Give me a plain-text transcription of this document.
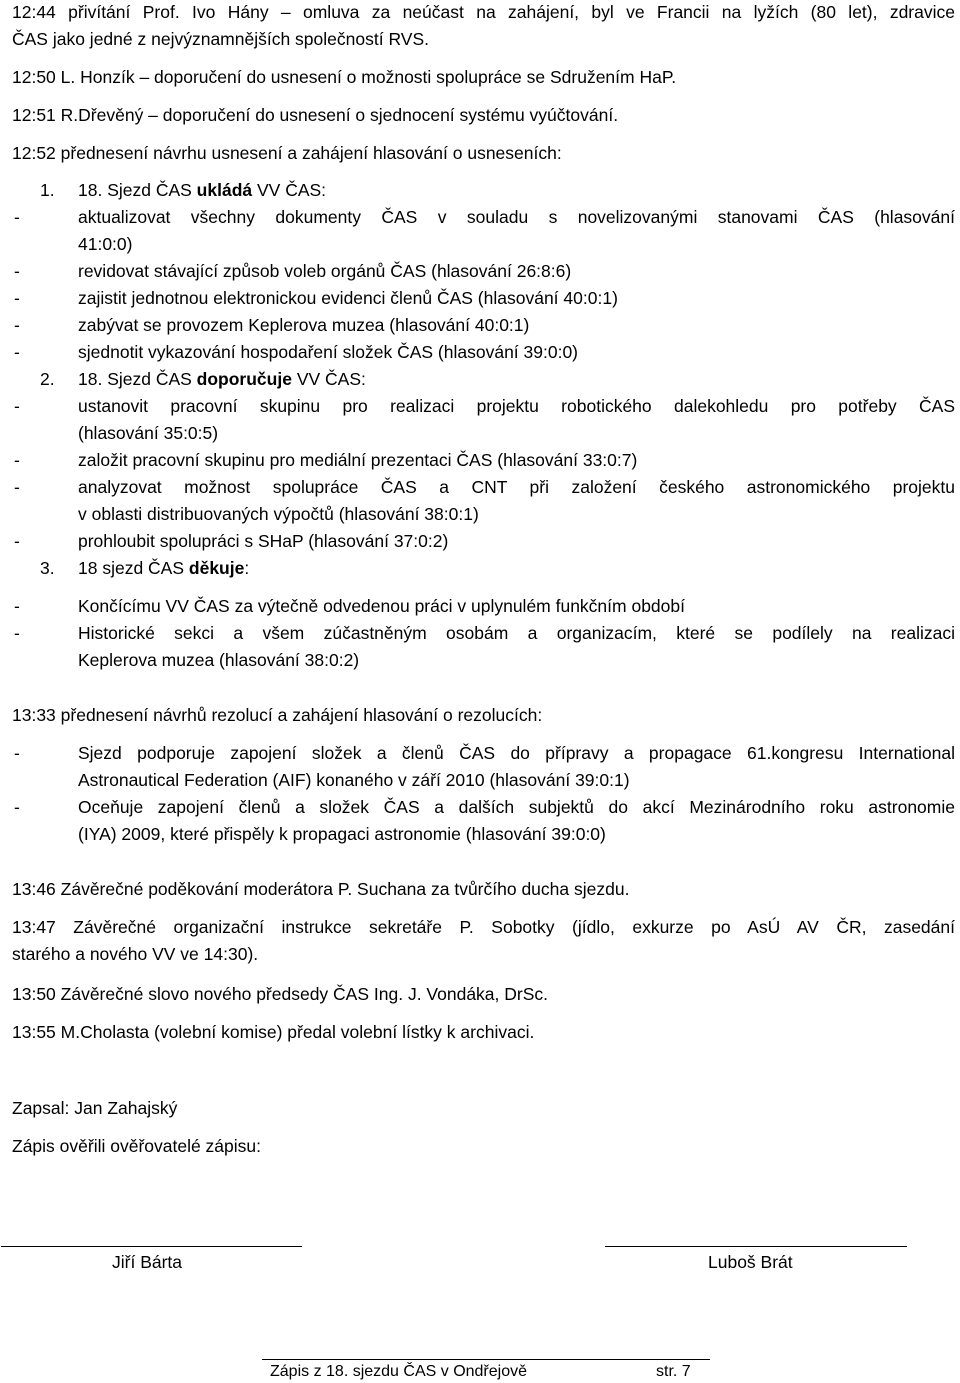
12:44 přivítání Prof. Ivo Hány – omluva za neúčast na zahájení, byl ve Francii na lyžích (80 let), zdravice
ČAS jako jedné z nejvýznamnějších společností RVS.
12:50 L. Honzík – doporučení do usnesení o možnosti spolupráce se Sdružením HaP.
12:51 R.Dřevěný – doporučení do usnesení o sjednocení systému vyúčtování.
12:52 přednesení návrhu usnesení a zahájení hlasování o usneseních:
1. 18. Sjezd ČAS ukládá VV ČAS:
-	aktualizovat všechny dokumenty ČAS v souladu s novelizovanými stanovami ČAS (hlasování
41:0:0)
-	revidovat stávající způsob voleb orgánů ČAS (hlasování 26:8:6)
-	zajistit jednotnou elektronickou evidenci členů ČAS (hlasování 40:0:1)
-	zabývat se provozem Keplerova muzea (hlasování 40:0:1)
-	sjednotit vykazování hospodaření složek ČAS (hlasování 39:0:0)
2. 18. Sjezd ČAS doporučuje VV ČAS:
-	ustanovit pracovní skupinu pro realizaci projektu robotického dalekohledu pro potřeby ČAS
(hlasování 35:0:5)
-	založit pracovní skupinu pro mediální prezentaci ČAS (hlasování 33:0:7)
-	analyzovat možnost spolupráce ČAS a CNT při založení českého astronomického projektu
v oblasti distribuovaných výpočtů (hlasování 38:0:1)
-	prohloubit spolupráci s SHaP (hlasování 37:0:2)
3. 18 sjezd ČAS děkuje:
-	Končícímu VV ČAS za výtečně odvedenou práci v uplynulém funkčním období
-	Historické sekci a všem zúčastněným osobám a organizacím, které se podílely na realizaci
Keplerova muzea (hlasování 38:0:2)
13:33 přednesení návrhů rezolucí a zahájení hlasování o rezolucích:
-	Sjezd podporuje zapojení složek a členů ČAS do přípravy a propagace 61.kongresu International
Astronautical Federation (AIF) konaného v září 2010 (hlasování 39:0:1)
-	Oceňuje zapojení členů a složek ČAS a dalších subjektů do akcí Mezinárodního roku astronomie
(IYA) 2009, které přispěly k propagaci astronomie (hlasování 39:0:0)
13:46 Závěrečné poděkování moderátora P. Suchana za tvůrčího ducha sjezdu.
13:47 Závěrečné organizační instrukce sekretáře P. Sobotky (jídlo, exkurze po AsÚ AV ČR, zasedání
starého a nového VV ve 14:30).
13:50 Závěrečné slovo nového předsedy ČAS Ing. J. Vondáka, DrSc.
13:55 M.Cholasta (volební komise) předal volební lístky k archivaci.
Zapsal: Jan Zahajský
Zápis ověřili ověřovatelé zápisu:
Jiří Bárta	Luboš Brát
Zápis z 18. sjezdu ČAS v Ondřejově	str. 7
